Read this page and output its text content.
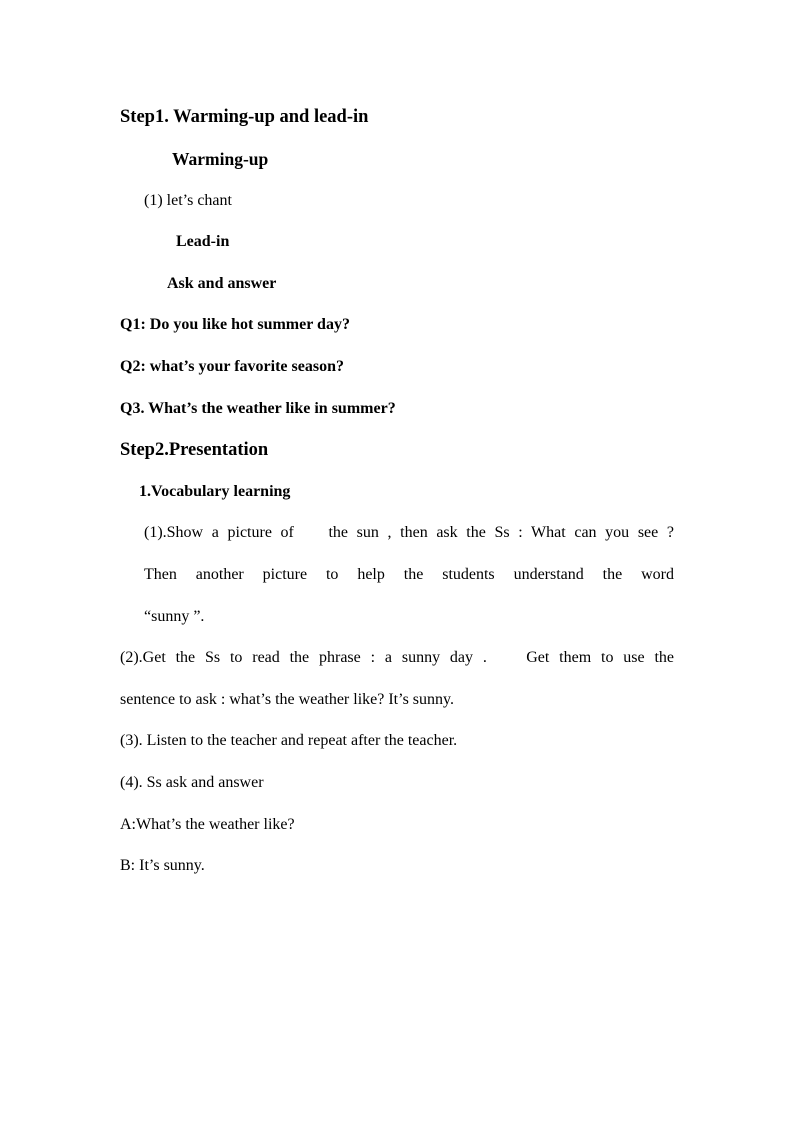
Step1. Warming-up and lead-in
Warming-up
(1) let’s chant
Lead-in
Ask and answer
Q1: Do you like hot summer day?
Q2: what’s your favorite season?
Q3. What’s the weather like in summer?
Step2.Presentation
1.Vocabulary learning
(1).Show a picture of    the sun , then ask the Ss : What can you see ?
Then another picture to help the students understand the word
“sunny ”.
(2).Get the Ss to read the phrase : a sunny day .    Get them to use the
sentence to ask : what’s the weather like? It’s sunny.
(3). Listen to the teacher and repeat after the teacher.
(4). Ss ask and answer
A:What’s the weather like?
B: It’s sunny.
